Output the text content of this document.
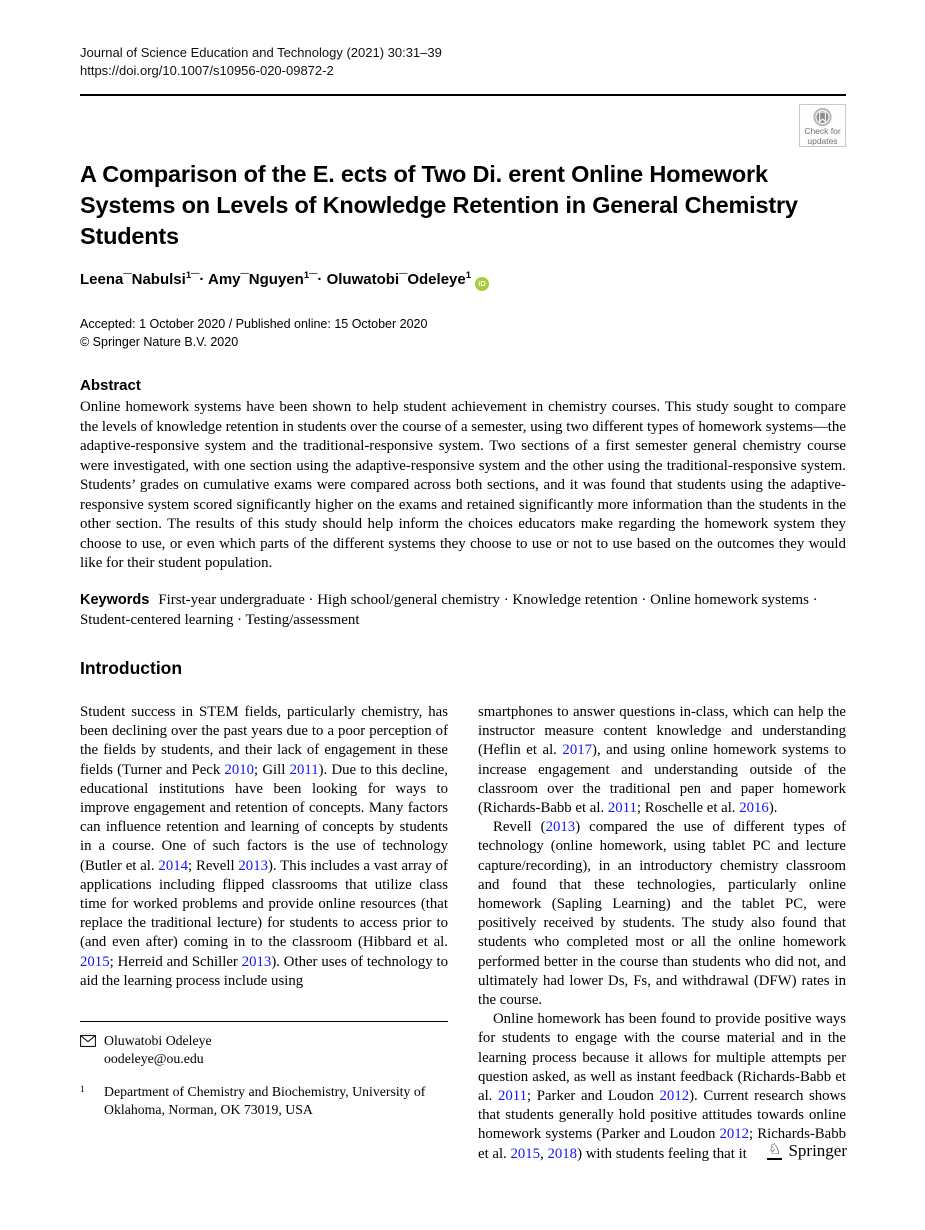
Journal of Science Education and Technology (2021) 30:31–39
https://doi.org/10.1007/s10956-020-09872-2
Check for updates
A Comparison of the E. ects of Two Di. erent Online Homework
Systems on Levels of Knowledge Retention in General Chemistry
Students
Leena¯Nabulsi$^1$¯· Amy¯Nguyen$^1$¯· Oluwatobi¯Odeleye$^1$iD
Accepted: 1 October 2020 / Published online: 15 October 2020
© Springer Nature B.V. 2020
Abstract
Online homework systems have been shown to help student achievement in chemistry courses. This study sought to compare the levels of knowledge retention in students over the course of a semester, using two different types of homework systems—the adaptive-responsive system and the traditional-responsive system. Two sections of a first semester general chemistry course were investigated, with one section using the adaptive-responsive system and the other using the traditional-responsive system. Students’ grades on cumulative exams were compared across both sections, and it was found that students using the adaptive-responsive system scored significantly higher on the exams and retained significantly more information than the students in the other section. The results of this study should help inform the choices educators make regarding the homework system they choose to use, or even which parts of the different systems they choose to use or not to use based on the outcomes they would like for their student population.
Keywords First-year undergraduate · High school/general chemistry · Knowledge retention · Online homework systems · Student-centered learning · Testing/assessment
Introduction

Student success in STEM fields, particularly chemistry, has been declining over the past years due to a poor perception of the fields by students, and their lack of engagement in these fields (Turner and Peck 2010; Gill 2011). Due to this decline, educational institutions have been looking for ways to improve engagement and retention of concepts. Many factors can influence retention and learning of concepts by students in a course. One of such factors is the use of technology (Butler et al. 2014; Revell 2013). This includes a vast array of applications including flipped classrooms that utilize class time for worked problems and provide online resources (that replace the traditional lecture) for students to access prior to (and even after) coming in to the classroom (Hibbard et al. 2015; Herreid and Schiller 2013). Other uses of technology to aid the learning process include using

Oluwatobi Odeleye
oodeleye@ou.edu
1	Department of Chemistry and Biochemistry, University of Oklahoma, Norman, OK 73019, USA

smartphones to answer questions in-class, which can help the instructor measure content knowledge and understanding (Heflin et al. 2017), and using online homework systems to increase engagement and understanding outside of the classroom over the traditional pen and paper homework (Richards-Babb et al. 2011; Roschelle et al. 2016).

Revell (2013) compared the use of different types of technology (online homework, using tablet PC and lecture capture/recording), in an introductory chemistry classroom and found that these technologies, particularly online homework (Sapling Learning) and the tablet PC, were positively received by students. The study also found that students who completed most or all the online homework performed better in the course than students who did not, and ultimately had lower Ds, Fs, and withdrawal (DFW) rates in the course.

Online homework has been found to provide positive ways for students to engage with the course material and in the learning process because it allows for multiple attempts per question asked, as well as instant feedback (Richards-Babb et al. 2011; Parker and Loudon 2012). Current research shows that students generally hold positive attitudes towards online homework systems (Parker and Loudon 2012; Richards-Babb et al. 2015, 2018) with students feeling that it	♘ Springer
